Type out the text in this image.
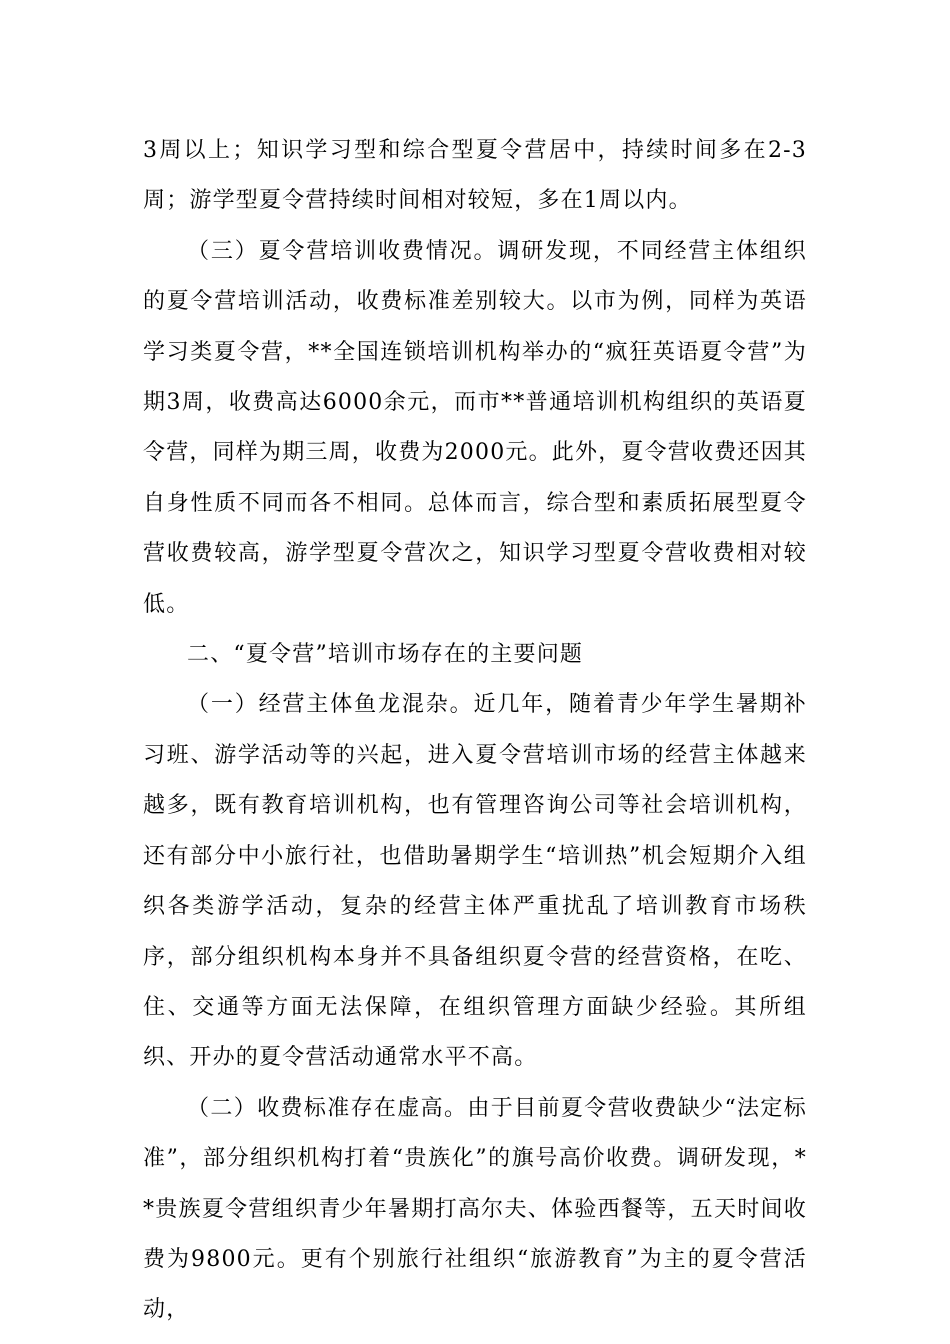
3周以上；知识学习型和综合型夏令营居中，持续时间多在2-3周；游学型夏令营持续时间相对较短，多在1周以内。

（三）夏令营培训收费情况。调研发现，不同经营主体组织的夏令营培训活动，收费标准差别较大。以市为例，同样为英语学习类夏令营，**全国连锁培训机构举办的“疯狂英语夏令营”为期3周，收费高达6000余元，而市**普通培训机构组织的英语夏令营，同样为期三周，收费为2000元。此外，夏令营收费还因其自身性质不同而各不相同。总体而言，综合型和素质拓展型夏令营收费较高，游学型夏令营次之，知识学习型夏令营收费相对较低。

二、“夏令营”培训市场存在的主要问题

（一）经营主体鱼龙混杂。近几年，随着青少年学生暑期补习班、游学活动等的兴起，进入夏令营培训市场的经营主体越来越多，既有教育培训机构，也有管理咨询公司等社会培训机构，还有部分中小旅行社，也借助暑期学生“培训热”机会短期介入组织各类游学活动，复杂的经营主体严重扰乱了培训教育市场秩序，部分组织机构本身并不具备组织夏令营的经营资格，在吃、住、交通等方面无法保障，在组织管理方面缺少经验。其所组织、开办的夏令营活动通常水平不高。

（二）收费标准存在虚高。由于目前夏令营收费缺少“法定标准”，部分组织机构打着“贵族化”的旗号高价收费。调研发现，**贵族夏令营组织青少年暑期打高尔夫、体验西餐等，五天时间收费为9800元。更有个别旅行社组织“旅游教育”为主的夏令营活动，
